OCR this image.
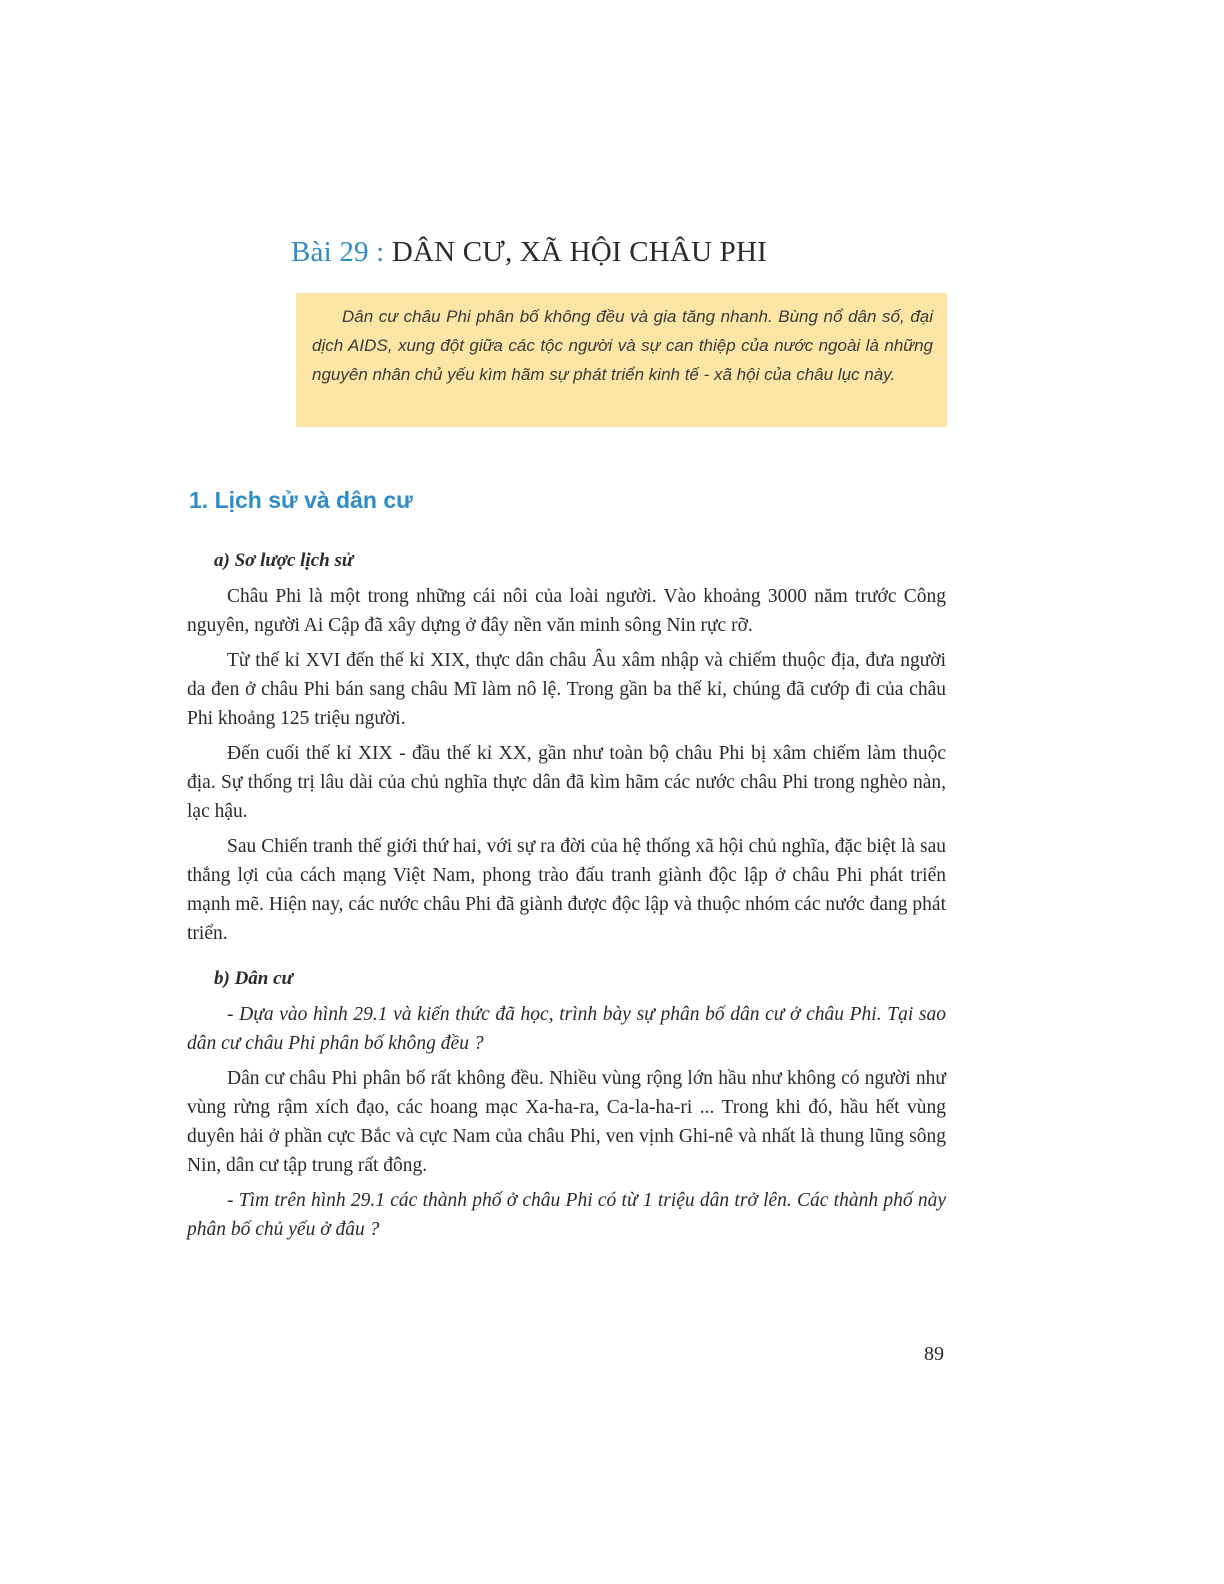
Bài 29 : DÂN CƯ, XÃ HỘI CHÂU PHI

Dân cư châu Phi phân bố không đều và gia tăng nhanh. Bùng nổ dân số, đại dịch AIDS, xung đột giữa các tộc người và sự can thiệp của nước ngoài là những nguyên nhân chủ yếu kìm hãm sự phát triển kinh tế - xã hội của châu lục này.

1. Lịch sử và dân cư
a) Sơ lược lịch sử

Châu Phi là một trong những cái nôi của loài người. Vào khoảng 3000 năm trước Công nguyên, người Ai Cập đã xây dựng ở đây nền văn minh sông Nin rực rỡ.

Từ thế kỉ XVI đến thế kỉ XIX, thực dân châu Âu xâm nhập và chiếm thuộc địa, đưa người da đen ở châu Phi bán sang châu Mĩ làm nô lệ. Trong gần ba thế kỉ, chúng đã cướp đi của châu Phi khoảng 125 triệu người.

Đến cuối thế kỉ XIX - đầu thế kỉ XX, gần như toàn bộ châu Phi bị xâm chiếm làm thuộc địa. Sự thống trị lâu dài của chủ nghĩa thực dân đã kìm hãm các nước châu Phi trong nghèo nàn, lạc hậu.

Sau Chiến tranh thế giới thứ hai, với sự ra đời của hệ thống xã hội chủ nghĩa, đặc biệt là sau thắng lợi của cách mạng Việt Nam, phong trào đấu tranh giành độc lập ở châu Phi phát triển mạnh mẽ. Hiện nay, các nước châu Phi đã giành được độc lập và thuộc nhóm các nước đang phát triển.

b) Dân cư

- Dựa vào hình 29.1 và kiến thức đã học, trình bày sự phân bố dân cư ở châu Phi. Tại sao dân cư châu Phi phân bố không đều ?

Dân cư châu Phi phân bố rất không đều. Nhiều vùng rộng lớn hầu như không có người như vùng rừng rậm xích đạo, các hoang mạc Xa-ha-ra, Ca-la-ha-ri ... Trong khi đó, hầu hết vùng duyên hải ở phần cực Bắc và cực Nam của châu Phi, ven vịnh Ghi-nê và nhất là thung lũng sông Nin, dân cư tập trung rất đông.

- Tìm trên hình 29.1 các thành phố ở châu Phi có từ 1 triệu dân trở lên. Các thành phố này phân bố chủ yếu ở đâu ?

89
